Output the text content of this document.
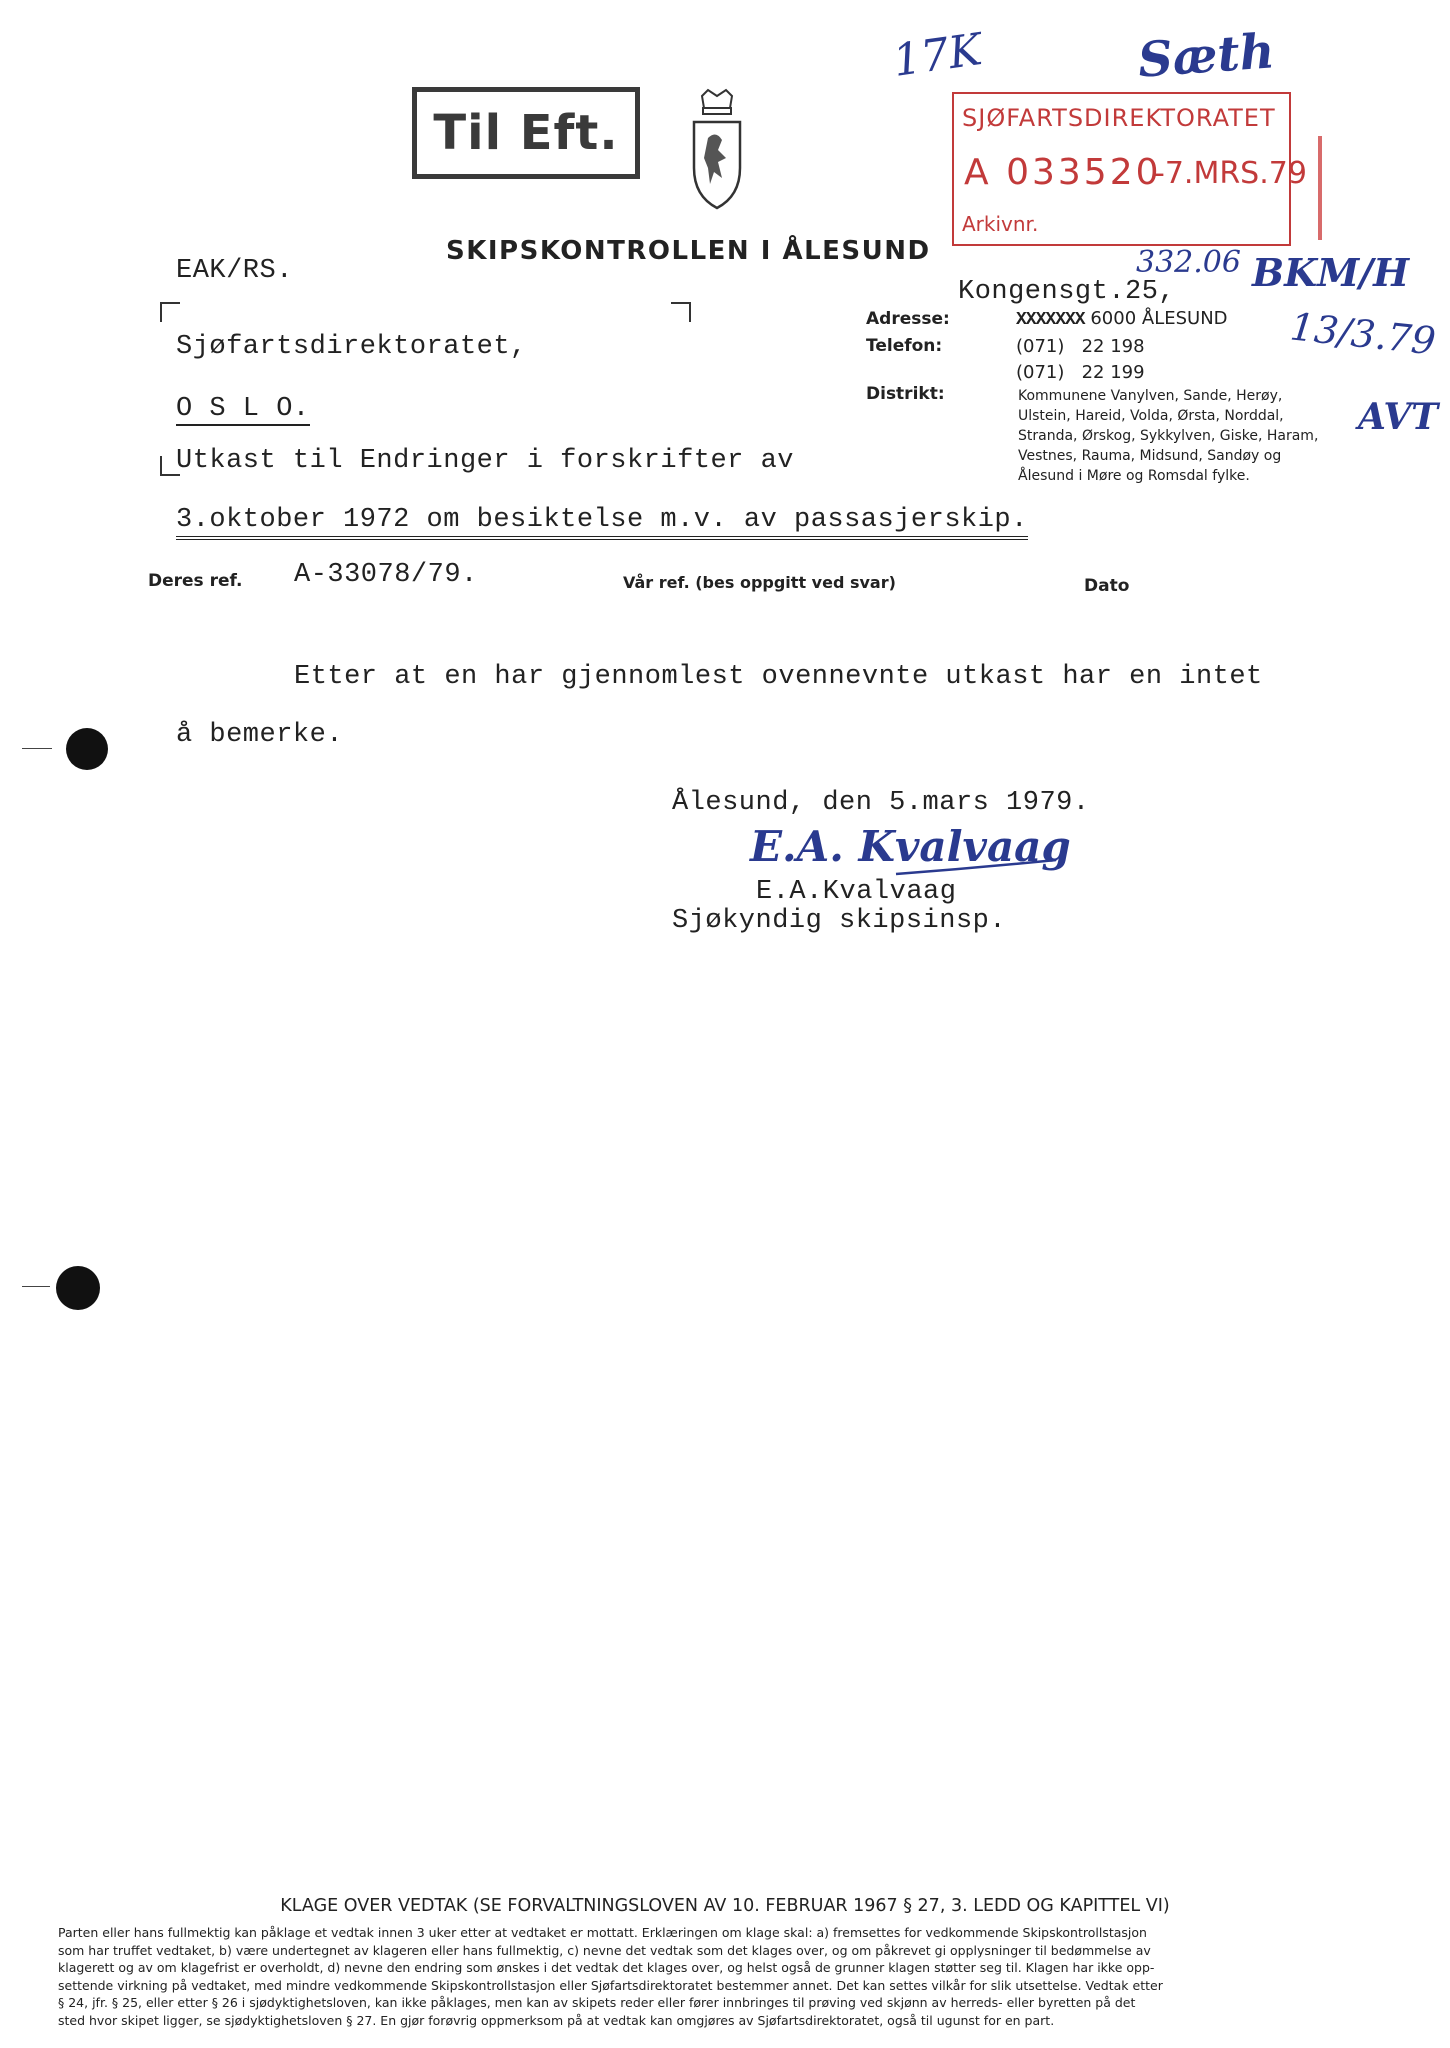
Til Eft.
17K	Sæth
SJØFARTSDIREKTORATET
A 033520
-7.MRS.79
Arkivnr.
SKIPSKONTROLLEN I ÅLESUND	332.06 BKM/H
13/3.79
AVT
EAK/RS.
Kongensgt.25,
Adresse:	XXXXXXX 6000 ÅLESUND
Telefon:	(071)   22 198
(071)   22 199
Distrikt:	Kommunene Vanylven, Sande, Herøy,
Ulstein, Hareid, Volda, Ørsta, Norddal,
Stranda, Ørskog, Sykkylven, Giske, Haram,
Vestnes, Rauma, Midsund, Sandøy og
Ålesund i Møre og Romsdal fylke.
Sjøfartsdirektoratet,
O S L O.
Utkast til Endringer i forskrifter av
3.oktober 1972 om besiktelse m.v. av passasjerskip.
Deres ref. A-33078/79.	Vår ref. (bes oppgitt ved svar)	Dato
Etter at en har gjennomlest ovennevnte utkast har en intet
å bemerke.
Ålesund, den 5.mars 1979.
E.A. Kvalvaag
E.A.Kvalvaag
Sjøkyndig skipsinsp.
KLAGE OVER VEDTAK (SE FORVALTNINGSLOVEN AV 10. FEBRUAR 1967 § 27, 3. LEDD OG KAPITTEL VI)
Parten eller hans fullmektig kan påklage et vedtak innen 3 uker etter at vedtaket er mottatt. Erklæringen om klage skal: a) fremsettes for vedkommende Skipskontrollstasjon
som har truffet vedtaket, b) være undertegnet av klageren eller hans fullmektig, c) nevne det vedtak som det klages over, og om påkrevet gi opplysninger til bedømmelse av
klagerett og av om klagefrist er overholdt, d) nevne den endring som ønskes i det vedtak det klages over, og helst også de grunner klagen støtter seg til. Klagen har ikke opp-
settende virkning på vedtaket, med mindre vedkommende Skipskontrollstasjon eller Sjøfartsdirektoratet bestemmer annet. Det kan settes vilkår for slik utsettelse. Vedtak etter
§ 24, jfr. § 25, eller etter § 26 i sjødyktighetsloven, kan ikke påklages, men kan av skipets reder eller fører innbringes til prøving ved skjønn av herreds- eller byretten på det
sted hvor skipet ligger, se sjødyktighetsloven § 27. En gjør forøvrig oppmerksom på at vedtak kan omgjøres av Sjøfartsdirektoratet, også til ugunst for en part.
